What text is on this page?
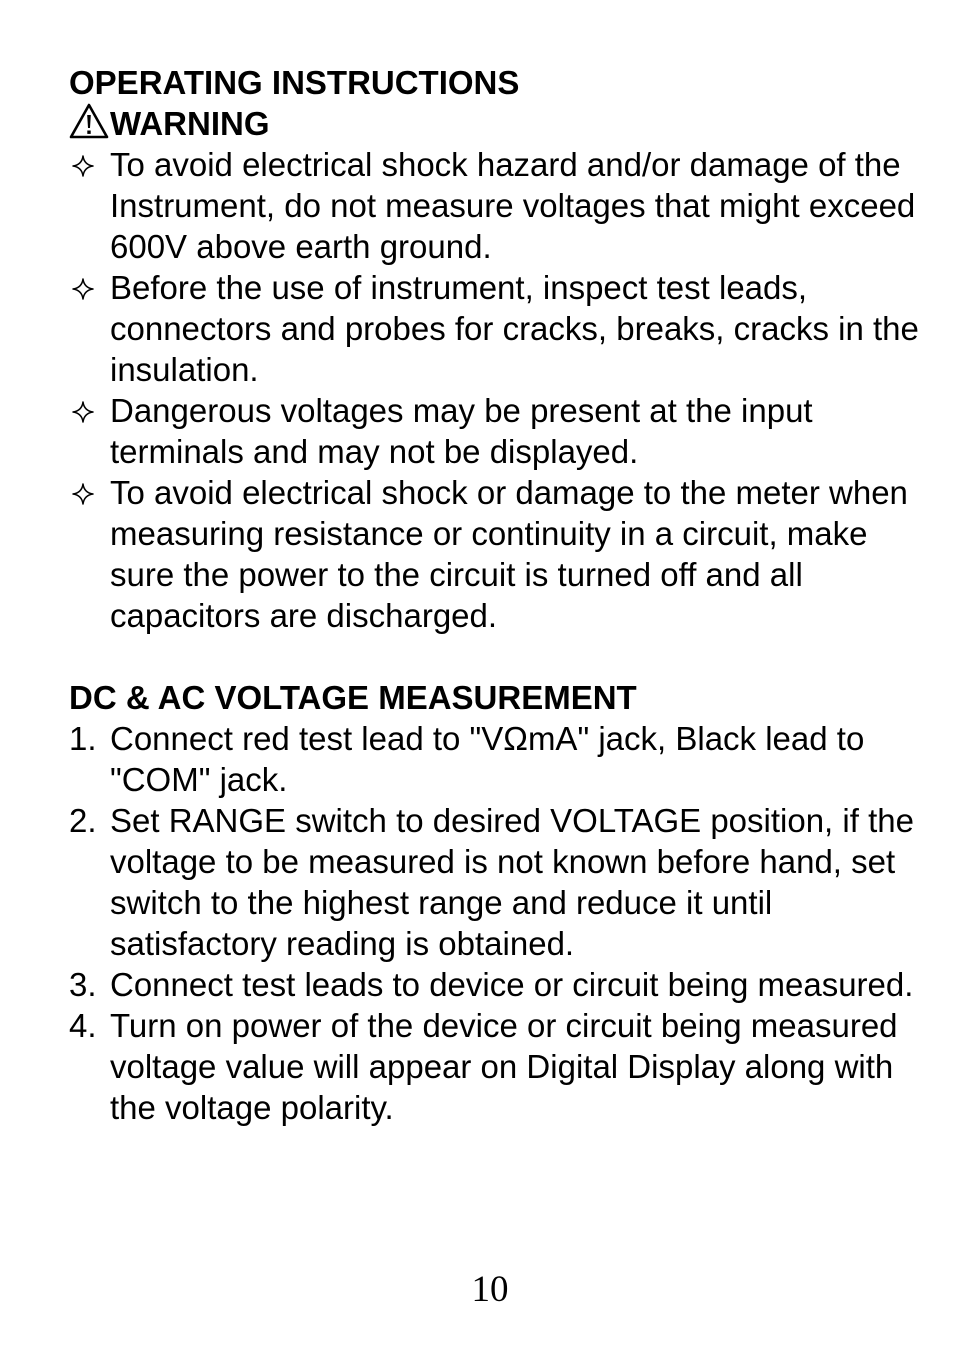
OPERATING INSTRUCTIONS
WARNING
To avoid electrical shock hazard and/or damage of the Instrument, do not measure voltages that might exceed 600V above earth ground.
Before the use of instrument, inspect test leads, connectors and probes for cracks, breaks, cracks in the insulation.
Dangerous voltages may be present at the input terminals and may not be displayed.
To avoid electrical shock or damage to the meter when measuring resistance or continuity in a circuit, make sure the power to the circuit is turned off and all capacitors are discharged.
DC & AC VOLTAGE MEASUREMENT
1. Connect red test lead to "VΩmA" jack, Black lead to "COM" jack.
2. Set RANGE switch to desired VOLTAGE position, if the voltage to be measured is not known before hand, set switch to the highest range and reduce it until satisfactory reading is obtained.
3. Connect test leads to device or circuit being measured.
4. Turn on power of the device or circuit being measured voltage value will appear on Digital Display along with the voltage polarity.
10
